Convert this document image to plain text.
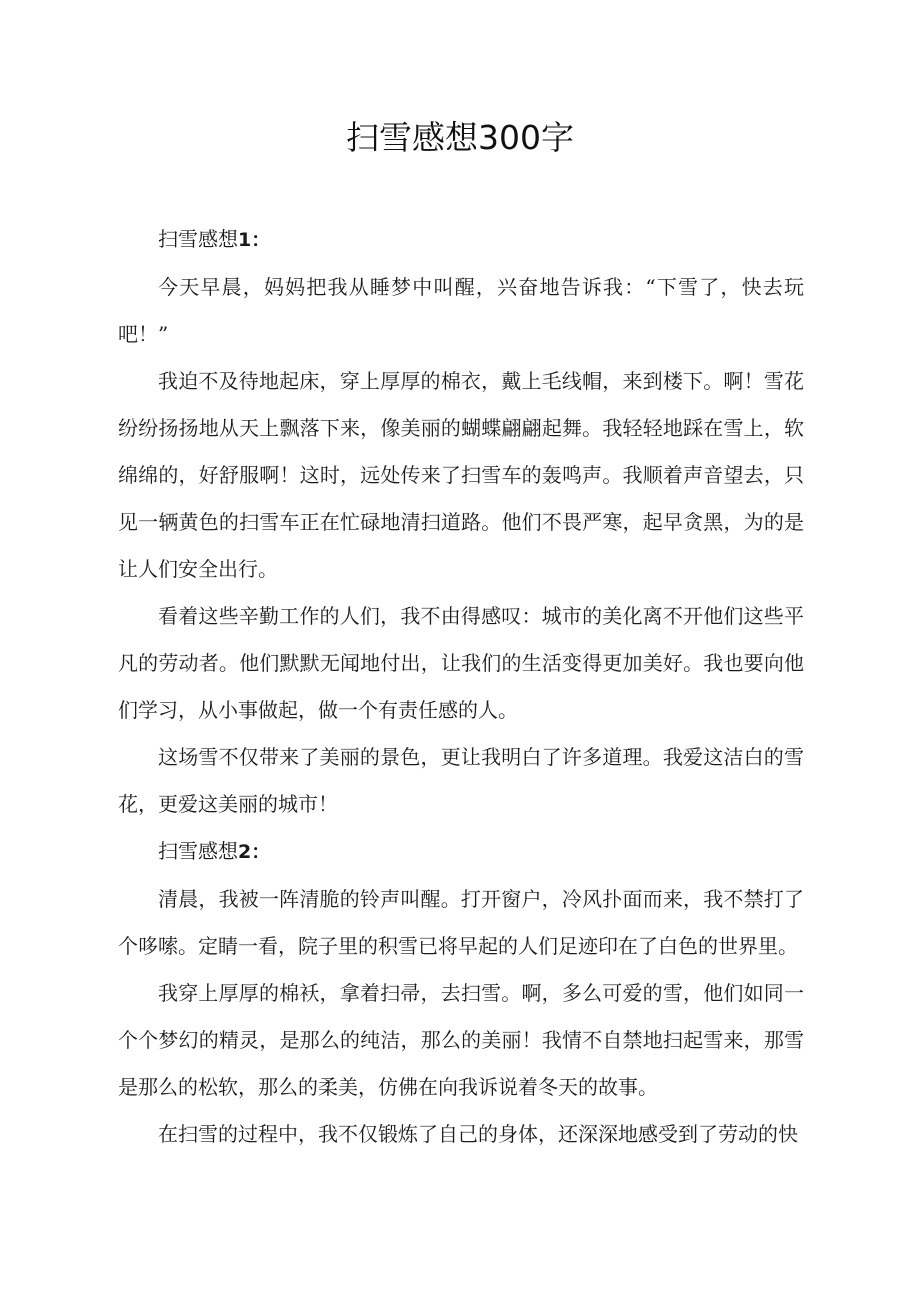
扫雪感想300字

扫雪感想1：

今天早晨，妈妈把我从睡梦中叫醒，兴奋地告诉我：“下雪了，快去玩吧！”

我迫不及待地起床，穿上厚厚的棉衣，戴上毛线帽，来到楼下。啊！雪花纷纷扬扬地从天上飘落下来，像美丽的蝴蝶翩翩起舞。我轻轻地踩在雪上，软绵绵的，好舒服啊！这时，远处传来了扫雪车的轰鸣声。我顺着声音望去，只见一辆黄色的扫雪车正在忙碌地清扫道路。他们不畏严寒，起早贪黑，为的是让人们安全出行。

看着这些辛勤工作的人们，我不由得感叹：城市的美化离不开他们这些平凡的劳动者。他们默默无闻地付出，让我们的生活变得更加美好。我也要向他们学习，从小事做起，做一个有责任感的人。

这场雪不仅带来了美丽的景色，更让我明白了许多道理。我爱这洁白的雪花，更爱这美丽的城市！

扫雪感想2：

清晨，我被一阵清脆的铃声叫醒。打开窗户，冷风扑面而来，我不禁打了个哆嗦。定睛一看，院子里的积雪已将早起的人们足迹印在了白色的世界里。

我穿上厚厚的棉袄，拿着扫帚，去扫雪。啊，多么可爱的雪，他们如同一个个梦幻的精灵，是那么的纯洁，那么的美丽！我情不自禁地扫起雪来，那雪是那么的松软，那么的柔美，仿佛在向我诉说着冬天的故事。

在扫雪的过程中，我不仅锻炼了自己的身体，还深深地感受到了劳动的快
